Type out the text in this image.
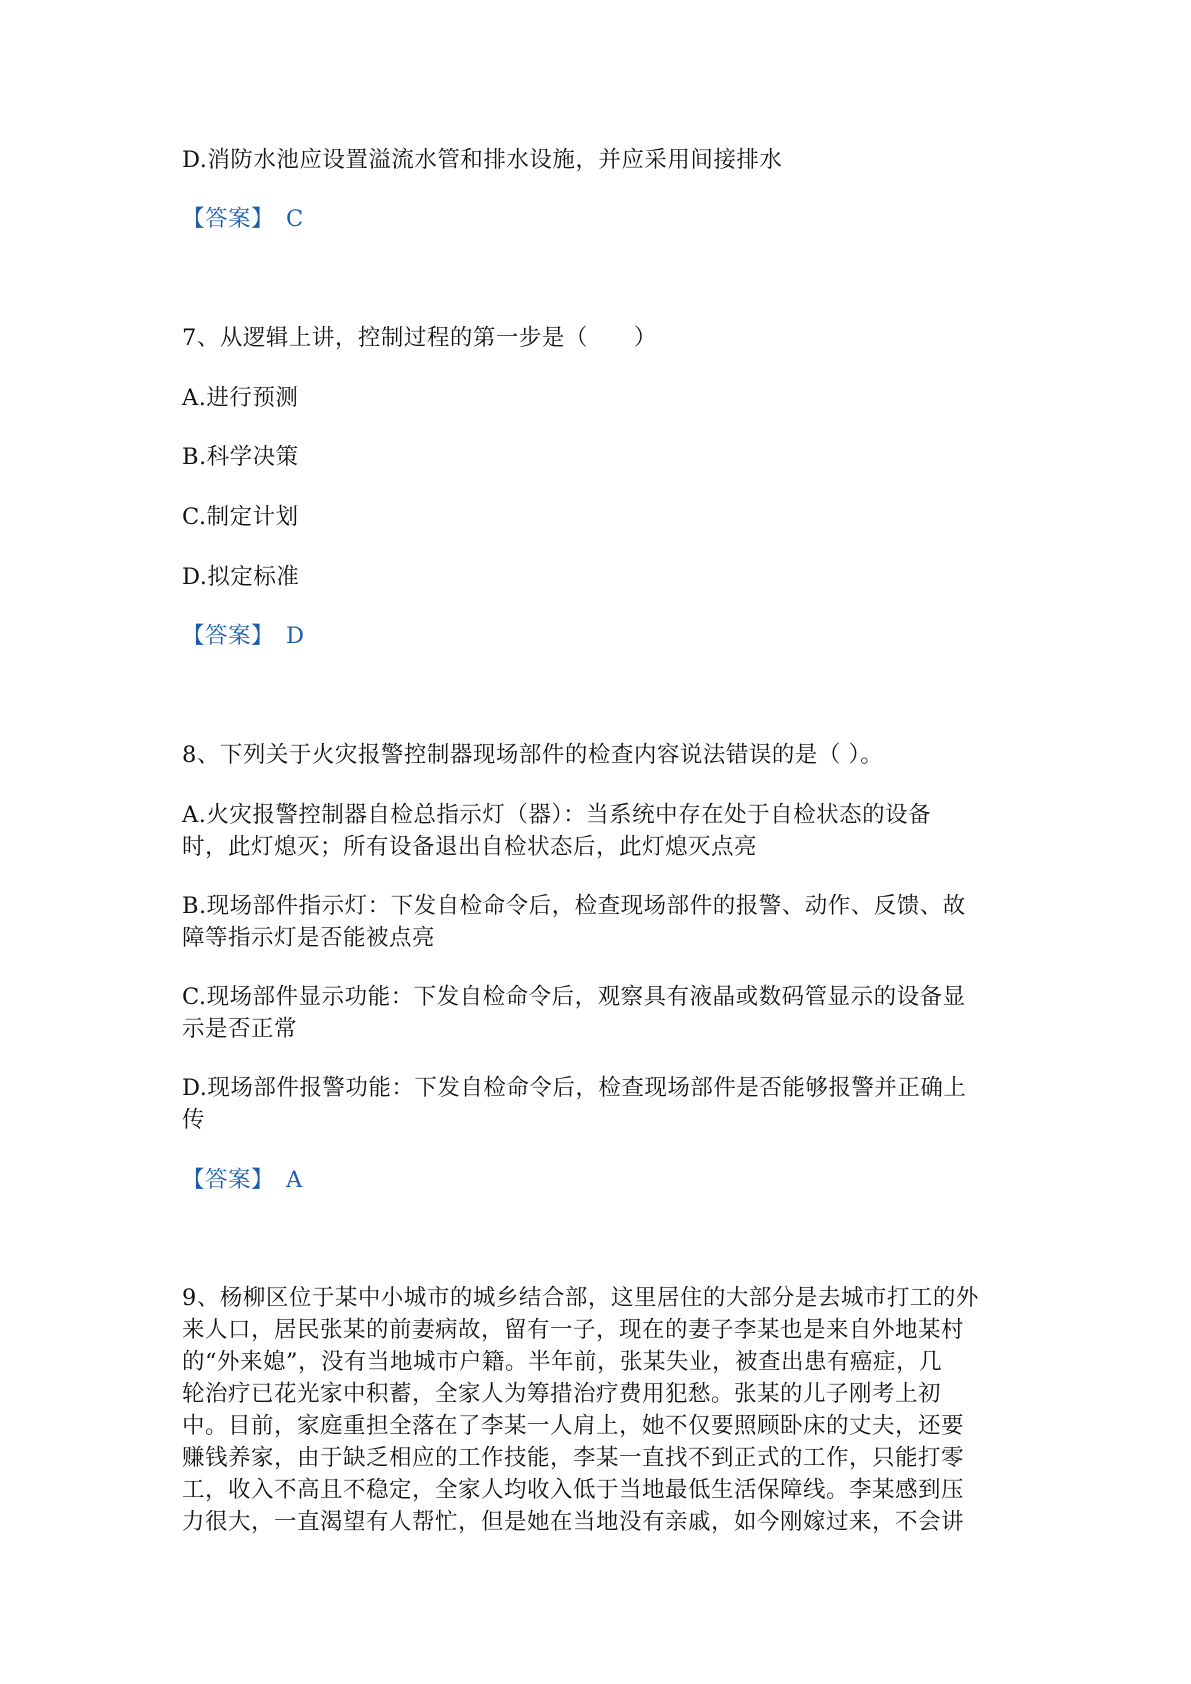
D.消防水池应设置溢流水管和排水设施，并应采用间接排水
【答案】 C
7、从逻辑上讲，控制过程的第一步是（　　）
A.进行预测
B.科学决策
C.制定计划
D.拟定标准
【答案】 D
8、下列关于火灾报警控制器现场部件的检查内容说法错误的是（ ）。
A.火灾报警控制器自检总指示灯（器）：当系统中存在处于自检状态的设备
时，此灯熄灭；所有设备退出自检状态后，此灯熄灭点亮
B.现场部件指示灯：下发自检命令后，检查现场部件的报警、动作、反馈、故
障等指示灯是否能被点亮
C.现场部件显示功能：下发自检命令后，观察具有液晶或数码管显示的设备显
示是否正常
D.现场部件报警功能：下发自检命令后，检查现场部件是否能够报警并正确上
传
【答案】 A
9、杨柳区位于某中小城市的城乡结合部，这里居住的大部分是去城市打工的外
来人口，居民张某的前妻病故，留有一子，现在的妻子李某也是来自外地某村
的“外来媳”，没有当地城市户籍。半年前，张某失业，被查出患有癌症，几
轮治疗已花光家中积蓄，全家人为筹措治疗费用犯愁。张某的儿子刚考上初
中。目前，家庭重担全落在了李某一人肩上，她不仅要照顾卧床的丈夫，还要
赚钱养家，由于缺乏相应的工作技能，李某一直找不到正式的工作，只能打零
工，收入不高且不稳定，全家人均收入低于当地最低生活保障线。李某感到压
力很大，一直渴望有人帮忙，但是她在当地没有亲戚，如今刚嫁过来，不会讲
